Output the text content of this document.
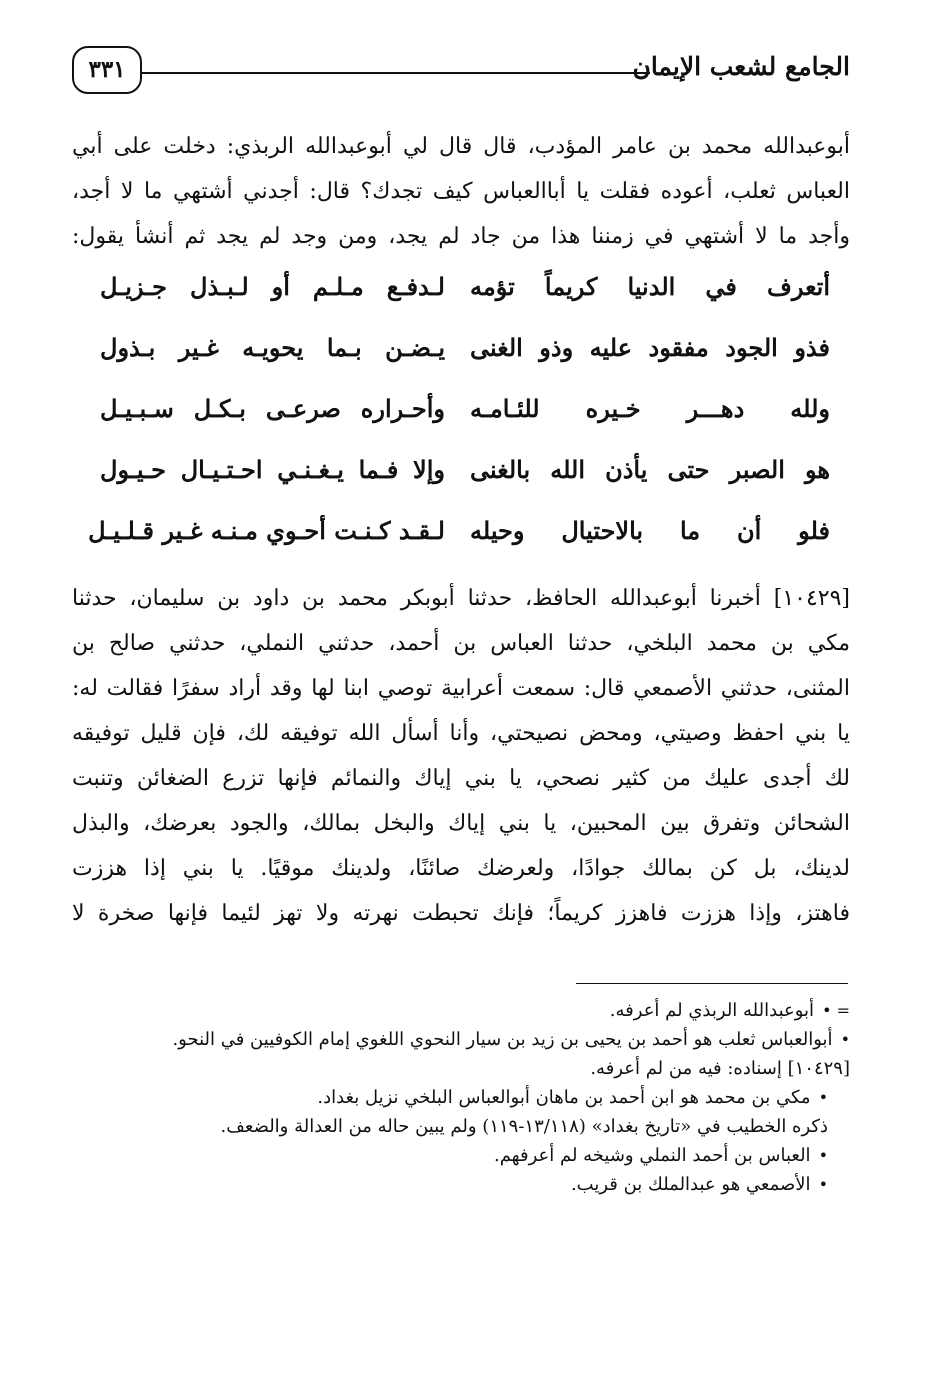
الجامع لشعب الإيمان
٣٣١
أبوعبدالله محمد بن عامر المؤدب، قال قال لي أبوعبدالله الربذي: دخلت على أبي
العباس ثعلب، أعوده فقلت يا أباالعباس كيف تجدك؟ قال: أجدني أشتهي ما لا أجد،
وأجد ما لا أشتهي في زمننا هذا من جاد لم يجد، ومن وجد لم يجد ثم أنشأ يقول:
أتعرف في الدنيا كريماً تؤمه
لـدفـع مـلـم أو لـبـذل جـزيـل
فذو الجود مفقود عليه وذو الغنى
يـضـن بـما يحويـه غـير بـذول
ولله دهـــر خـيره للئـامـه
وأحـراره صرعـى بـكـل سـبـيـل
هو الصبر حتى يأذن الله بالغنى
وإلا فـما يـغـنـي احـتـيـال حـيـول
فلو أن ما بالاحتيال وحيله
لـقـد كـنـت أحـوي مـنـه غـير قـلـيـل
[١٠٤٢٩] أخبرنا أبوعبدالله الحافظ، حدثنا أبوبكر محمد بن داود بن سليمان، حدثنا
مكي بن محمد البلخي، حدثنا العباس بن أحمد، حدثني النملي، حدثني صالح بن
المثنى، حدثني الأصمعي قال: سمعت أعرابية توصي ابنا لها وقد أراد سفرًا فقالت له:
يا بني احفظ وصيتي، ومحض نصيحتي، وأنا أسأل الله توفيقه لك، فإن قليل توفيقه
لك أجدى عليك من كثير نصحي، يا بني إياك والنمائم فإنها تزرع الضغائن وتنبت
الشحائن وتفرق بين المحبين، يا بني إياك والبخل بمالك، والجود بعرضك، والبذل
لدينك، بل كن بمالك جوادًا، ولعرضك صائنًا، ولدينك موقيًا. يا بني إذا هززت
فاهتز، وإذا هززت فاهزز كريماً؛ فإنك تحبطت نهرته ولا تهز لئيما فإنها صخرة لا
= •أبوعبدالله الربذي لم أعرفه.
•أبوالعباس ثعلب هو أحمد بن يحيى بن زيد بن سيار النحوي اللغوي إمام الكوفيين في النحو.
[١٠٤٢٩] إسناده: فيه من لم أعرفه.
•مكي بن محمد هو ابن أحمد بن ماهان أبوالعباس البلخي نزيل بغداد.
ذكره الخطيب في «تاريخ بغداد» (١٣/١١٨-١١٩) ولم يبين حاله من العدالة والضعف.
•العباس بن أحمد النملي وشيخه لم أعرفهم.
•الأصمعي هو عبدالملك بن قريب.
